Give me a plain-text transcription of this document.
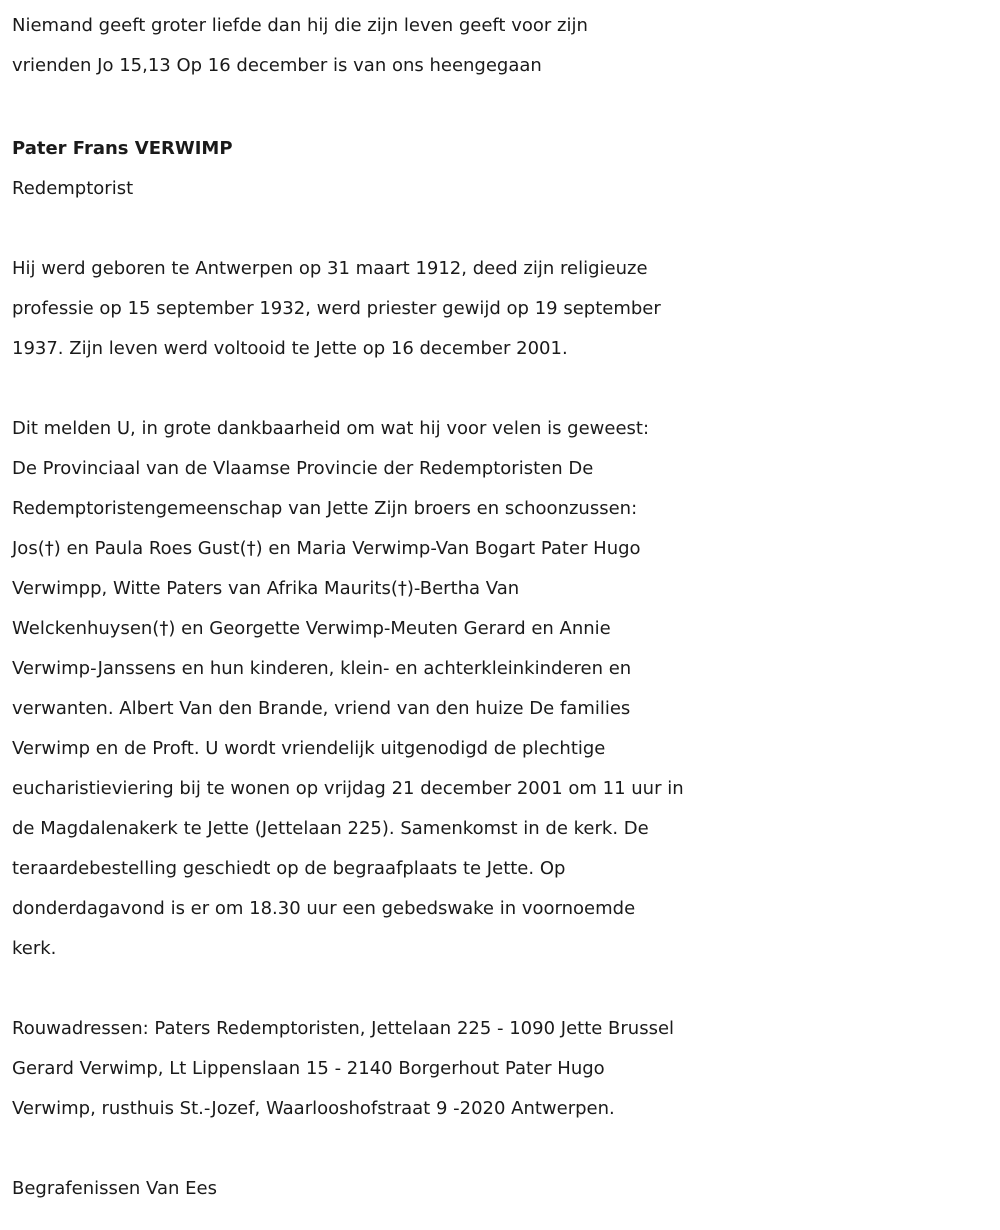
Niemand geeft groter liefde dan hij die zijn leven geeft voor zijn

vrienden Jo 15,13 Op 16 december is van ons heengegaan

Pater Frans VERWIMP

Redemptorist

Hij werd geboren te Antwerpen op 31 maart 1912, deed zijn religieuze

professie op 15 september 1932, werd priester gewijd op 19 september

1937. Zijn leven werd voltooid te Jette op 16 december 2001.

Dit melden U, in grote dankbaarheid om wat hij voor velen is geweest:

De Provinciaal van de Vlaamse Provincie der Redemptoristen De

Redemptoristengemeenschap van Jette Zijn broers en schoonzussen:

Jos(†) en Paula Roes Gust(†) en Maria Verwimp-Van Bogart Pater Hugo

Verwimpp, Witte Paters van Afrika Maurits(†)-Bertha Van

Welckenhuysen(†) en Georgette Verwimp-Meuten Gerard en Annie

Verwimp-Janssens en hun kinderen, klein- en achterkleinkinderen en

verwanten. Albert Van den Brande, vriend van den huize De families

Verwimp en de Proft. U wordt vriendelijk uitgenodigd de plechtige

eucharistieviering bij te wonen op vrijdag 21 december 2001 om 11 uur in

de Magdalenakerk te Jette (Jettelaan 225). Samenkomst in de kerk. De

teraardebestelling geschiedt op de begraafplaats te Jette. Op

donderdagavond is er om 18.30 uur een gebedswake in voornoemde

kerk.

Rouwadressen: Paters Redemptoristen, Jettelaan 225 - 1090 Jette Brussel

Gerard Verwimp, Lt Lippenslaan 15 - 2140 Borgerhout Pater Hugo

Verwimp, rusthuis St.-Jozef, Waarlooshofstraat 9 -2020 Antwerpen.

Begrafenissen Van Ees
